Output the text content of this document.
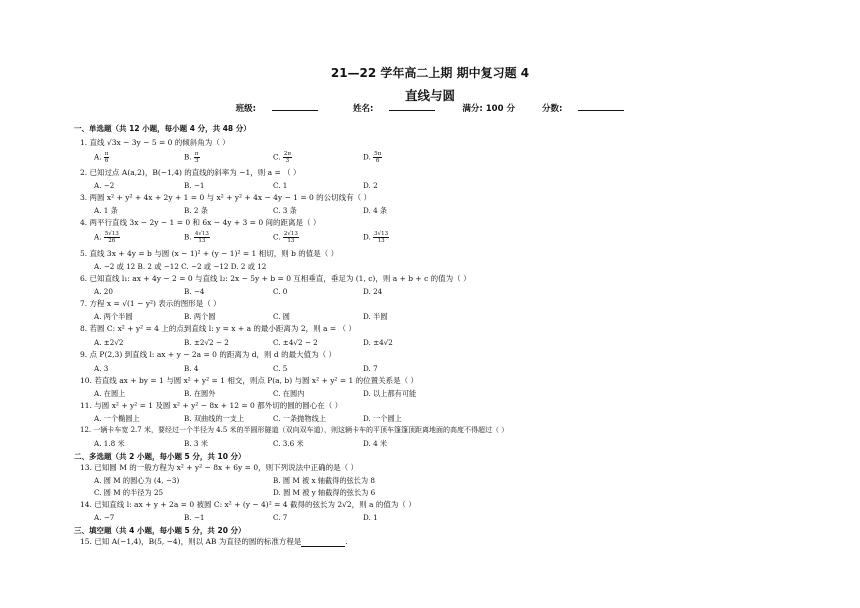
21—22 学年高二上期 期中复习题 4
直线与圆
班级:	姓名:	满分: 100 分	分数:
一、单选题（共 12 小题，每小题 4 分，共 48 分）
1. 直线 √3x − 3y − 5 = 0 的倾斜角为（ ）
A. $\frac{\pi}{6}$	B. $\frac{\pi}{3}$	C. $\frac{2\pi}{3}$	D. $\frac{5\pi}{6}$
2. 已知过点 A(a,2)，B(−1,4) 的直线的斜率为 −1，则 a = （ ）
A. −2	B. −1	C. 1	D. 2
3. 两圆 x² + y² + 4x + 2y + 1 = 0 与 x² + y² + 4x − 4y − 1 = 0 的公切线有（ ）
A. 1 条	B. 2 条	C. 3 条	D. 4 条
4. 两平行直线 3x − 2y − 1 = 0 和 6x − 4y + 3 = 0 间的距离是（ ）
A. $\frac{5√13}{26}$	B. $\frac{4√13}{13}$	C. $\frac{2√13}{13}$	D. $\frac{3√13}{13}$
5. 直线 3x + 4y = b 与圆 (x − 1)² + (y − 1)² = 1 相切，则 b 的值是（ ）
A. −2 或 12 B. 2 或 −12 C. −2 或 −12 D. 2 或 12
6. 已知直线 l₁: ax + 4y − 2 = 0 与直线 l₂: 2x − 5y + b = 0 互相垂直，垂足为 (1, c)，则 a + b + c 的值为（ ）
A. 20	B. −4	C. 0	D. 24
7. 方程 x = √(1 − y²) 表示的图形是（ ）
A. 两个半圆	B. 两个圆	C. 圆	D. 半圆
8. 若圆 C: x² + y² = 4 上的点到直线 l: y = x + a 的最小距离为 2，则 a = （ ）
A. ±2√2	B. ±2√2 − 2	C. ±4√2 − 2	D. ±4√2
9. 点 P(2,3) 到直线 l: ax + y − 2a = 0 的距离为 d，则 d 的最大值为（ ）
A. 3	B. 4	C. 5	D. 7
10. 若直线 ax + by = 1 与圆 x² + y² = 1 相交，则点 P(a, b) 与圆 x² + y² = 1 的位置关系是（ ）
A. 在圆上	B. 在圆外	C. 在圆内	D. 以上都有可能
11. 与圆 x² + y² = 1 及圆 x² + y² − 8x + 12 = 0 都外切的圆的圆心在（ ）
A. 一个椭圆上	B. 双曲线的一支上	C. 一条抛物线上	D. 一个圆上
12. 一辆卡车宽 2.7 米，要经过一个半径为 4.5 米的半圆形隧道（双向双车道），则这辆卡车的平顶车篷篷顶距离地面的高度不得超过（ ）
A. 1.8 米	B. 3 米	C. 3.6 米	D. 4 米
二、多选题（共 2 小题，每小题 5 分，共 10 分）
13. 已知圆 M 的一般方程为 x² + y² − 8x + 6y = 0，则下列说法中正确的是（ ）
A. 圆 M 的圆心为 (4, −3)	B. 圆 M 被 x 轴截得的弦长为 8
C. 圆 M 的半径为 25	D. 圆 M 被 y 轴截得的弦长为 6
14. 已知直线 l: ax + y + 2a = 0 被圆 C: x² + (y − 4)² = 4 截得的弦长为 2√2，则 a 的值为（ ）
A. −7	B. −1	C. 7	D. 1
三、填空题（共 4 小题，每小题 5 分，共 20 分）
15. 已知 A(−1,4)，B(5, −4)，则以 AB 为直径的圆的标准方程是	.
